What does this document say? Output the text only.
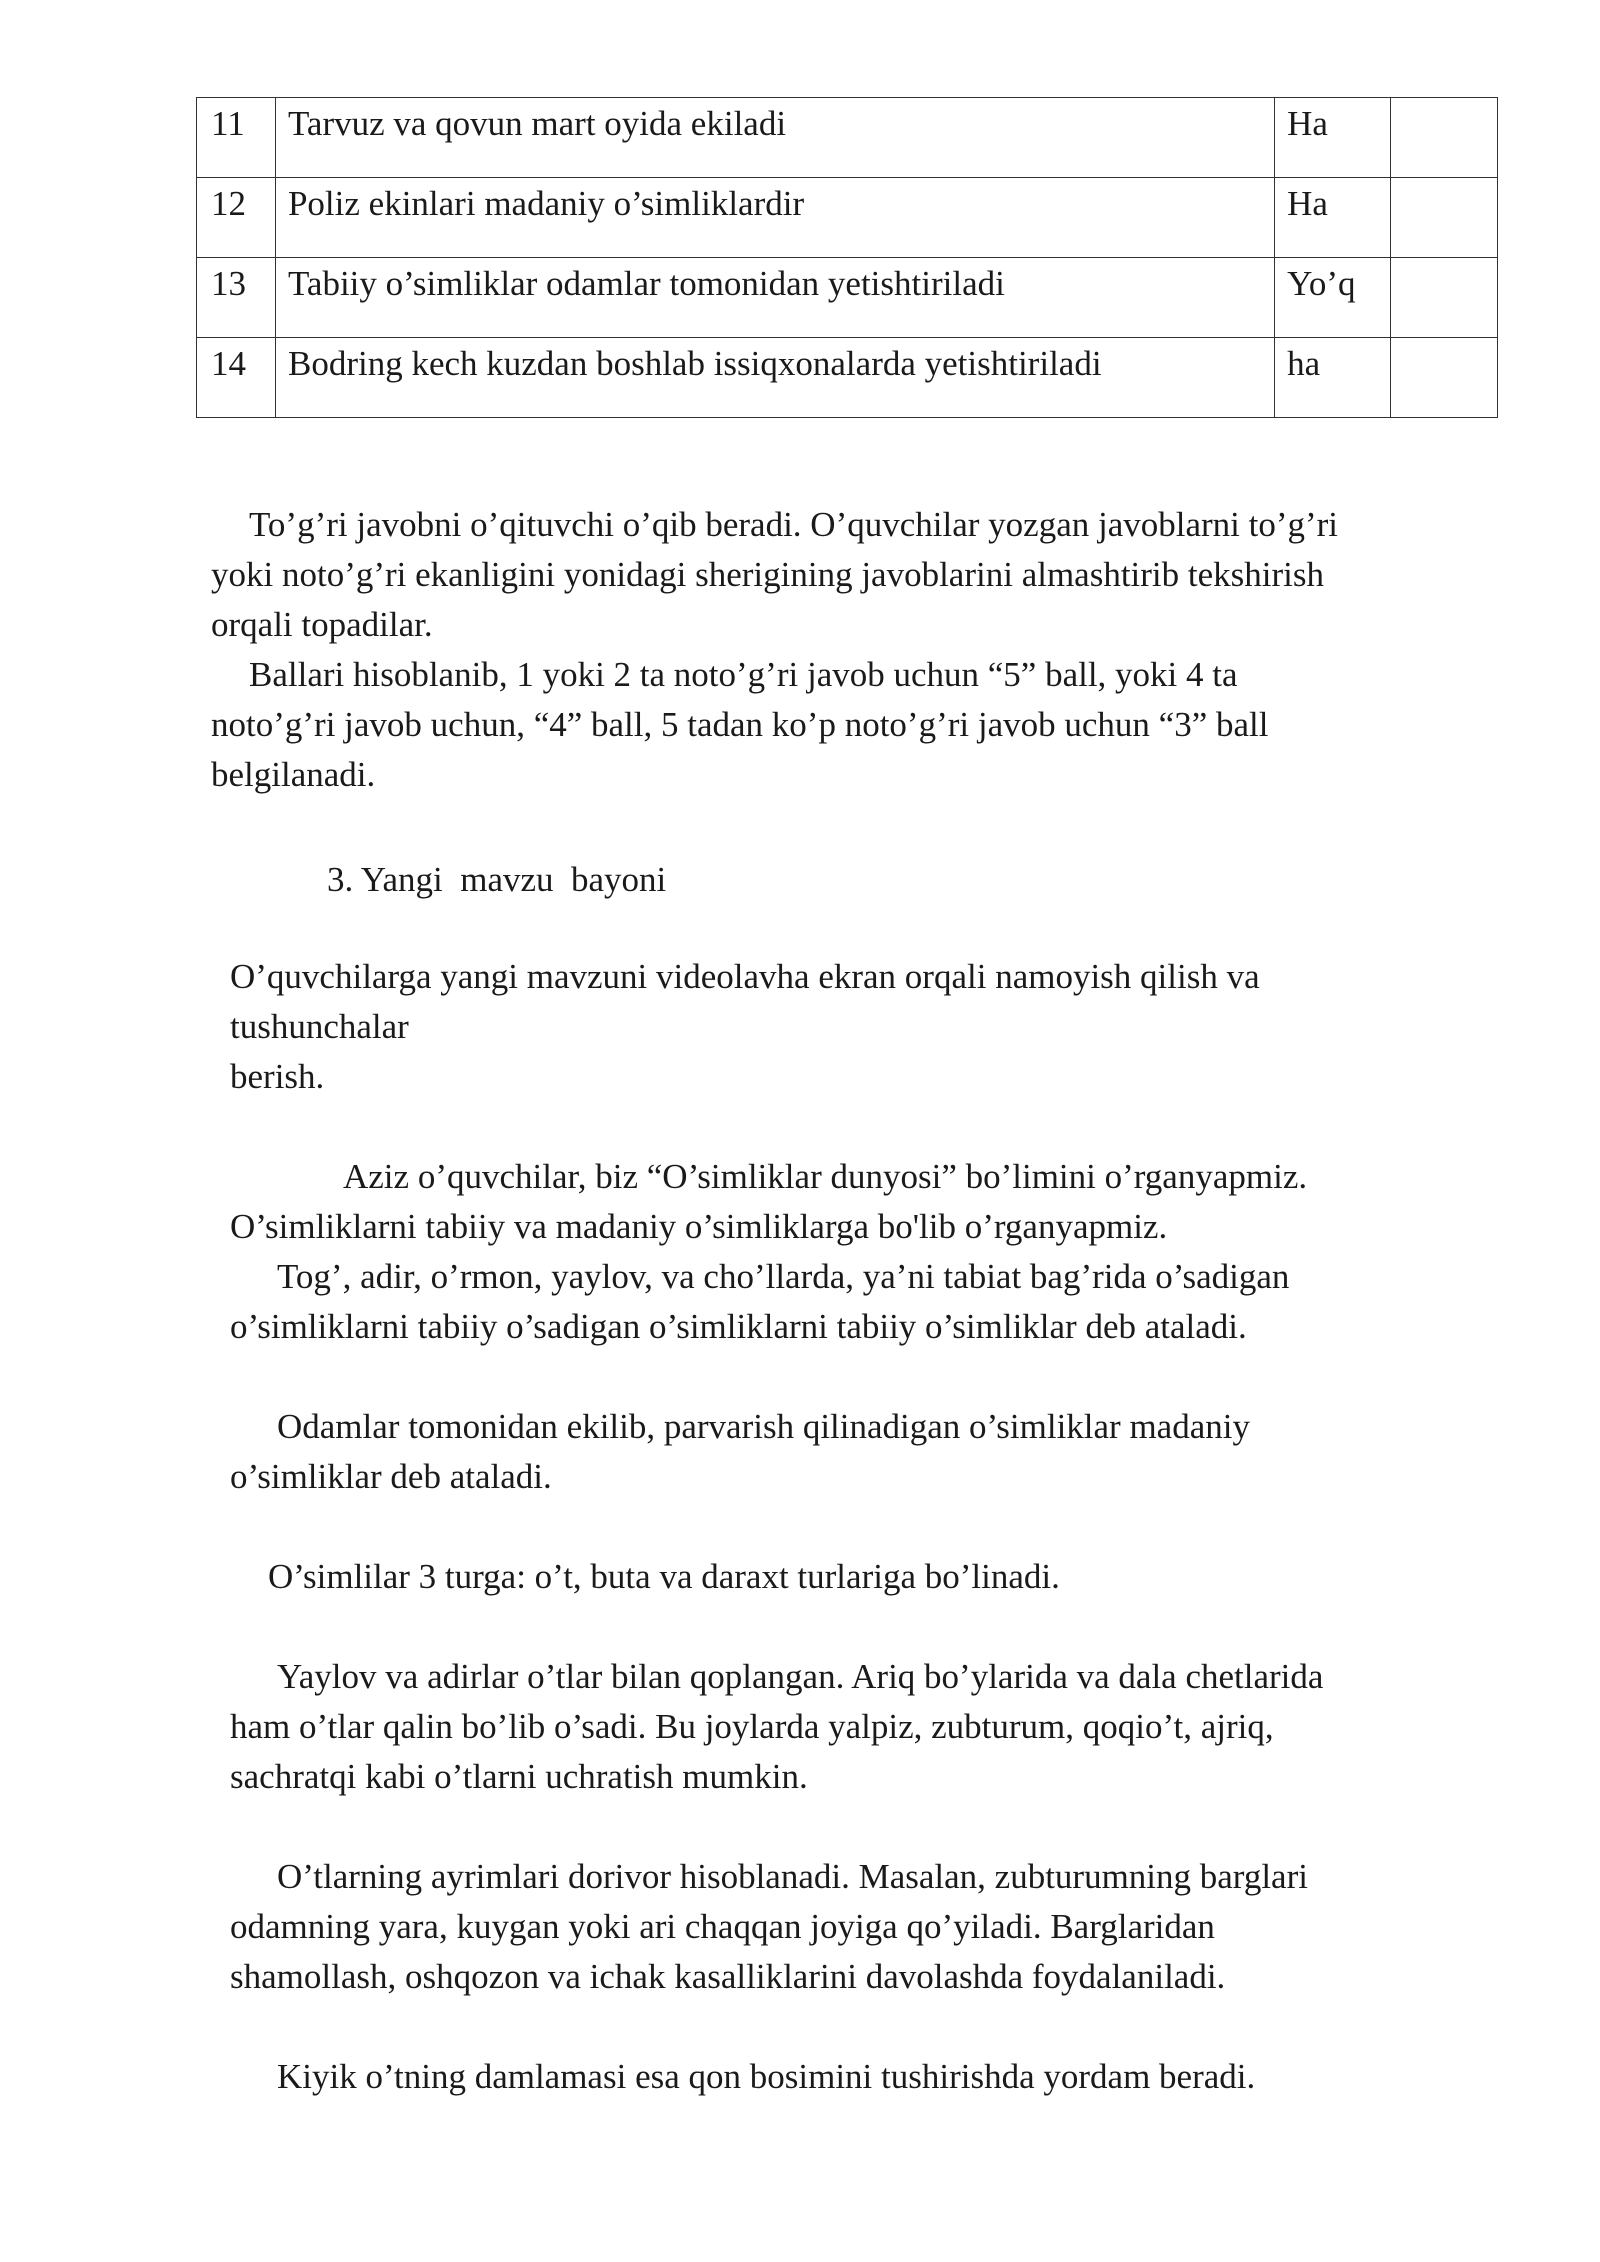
11	Tarvuz va qovun mart oyida ekiladi	Ha	
12	Poliz ekinlari madaniy o’simliklardir	Ha	
13	Tabiiy o’simliklar odamlar tomonidan yetishtiriladi	Yo’q	
14	Bodring kech kuzdan boshlab issiqxonalarda yetishtiriladi	ha	
To’g’ri javobni o’qituvchi o’qib beradi. O’quvchilar yozgan javoblarni to’g’ri
yoki noto’g’ri ekanligini yonidagi sherigining javoblarini almashtirib tekshirish
orqali topadilar.
Ballari hisoblanib, 1 yoki 2 ta noto’g’ri javob uchun “5” ball, yoki 4 ta
noto’g’ri javob uchun, “4” ball, 5 tadan ko’p noto’g’ri javob uchun “3” ball
belgilanadi.
3. Yangi  mavzu  bayoni
O’quvchilarga yangi mavzuni videolavha ekran orqali namoyish qilish va
tushunchalar
berish.
Aziz o’quvchilar, biz “O’simliklar dunyosi” bo’limini o’rganyapmiz.
O’simliklarni tabiiy va madaniy o’simliklarga bo'lib o’rganyapmiz.
Tog’, adir, o’rmon, yaylov, va cho’llarda, ya’ni tabiat bag’rida o’sadigan
o’simliklarni tabiiy o’sadigan o’simliklarni tabiiy o’simliklar deb ataladi.
Odamlar tomonidan ekilib, parvarish qilinadigan o’simliklar madaniy
o’simliklar deb ataladi.
O’simlilar 3 turga: o’t, buta va daraxt turlariga bo’linadi.
Yaylov va adirlar o’tlar bilan qoplangan. Ariq bo’ylarida va dala chetlarida
ham o’tlar qalin bo’lib o’sadi. Bu joylarda yalpiz, zubturum, qoqio’t, ajriq,
sachratqi kabi o’tlarni uchratish mumkin.
O’tlarning ayrimlari dorivor hisoblanadi. Masalan, zubturumning barglari
odamning yara, kuygan yoki ari chaqqan joyiga qo’yiladi. Barglaridan
shamollash, oshqozon va ichak kasalliklarini davolashda foydalaniladi.
Kiyik o’tning damlamasi esa qon bosimini tushirishda yordam beradi.
